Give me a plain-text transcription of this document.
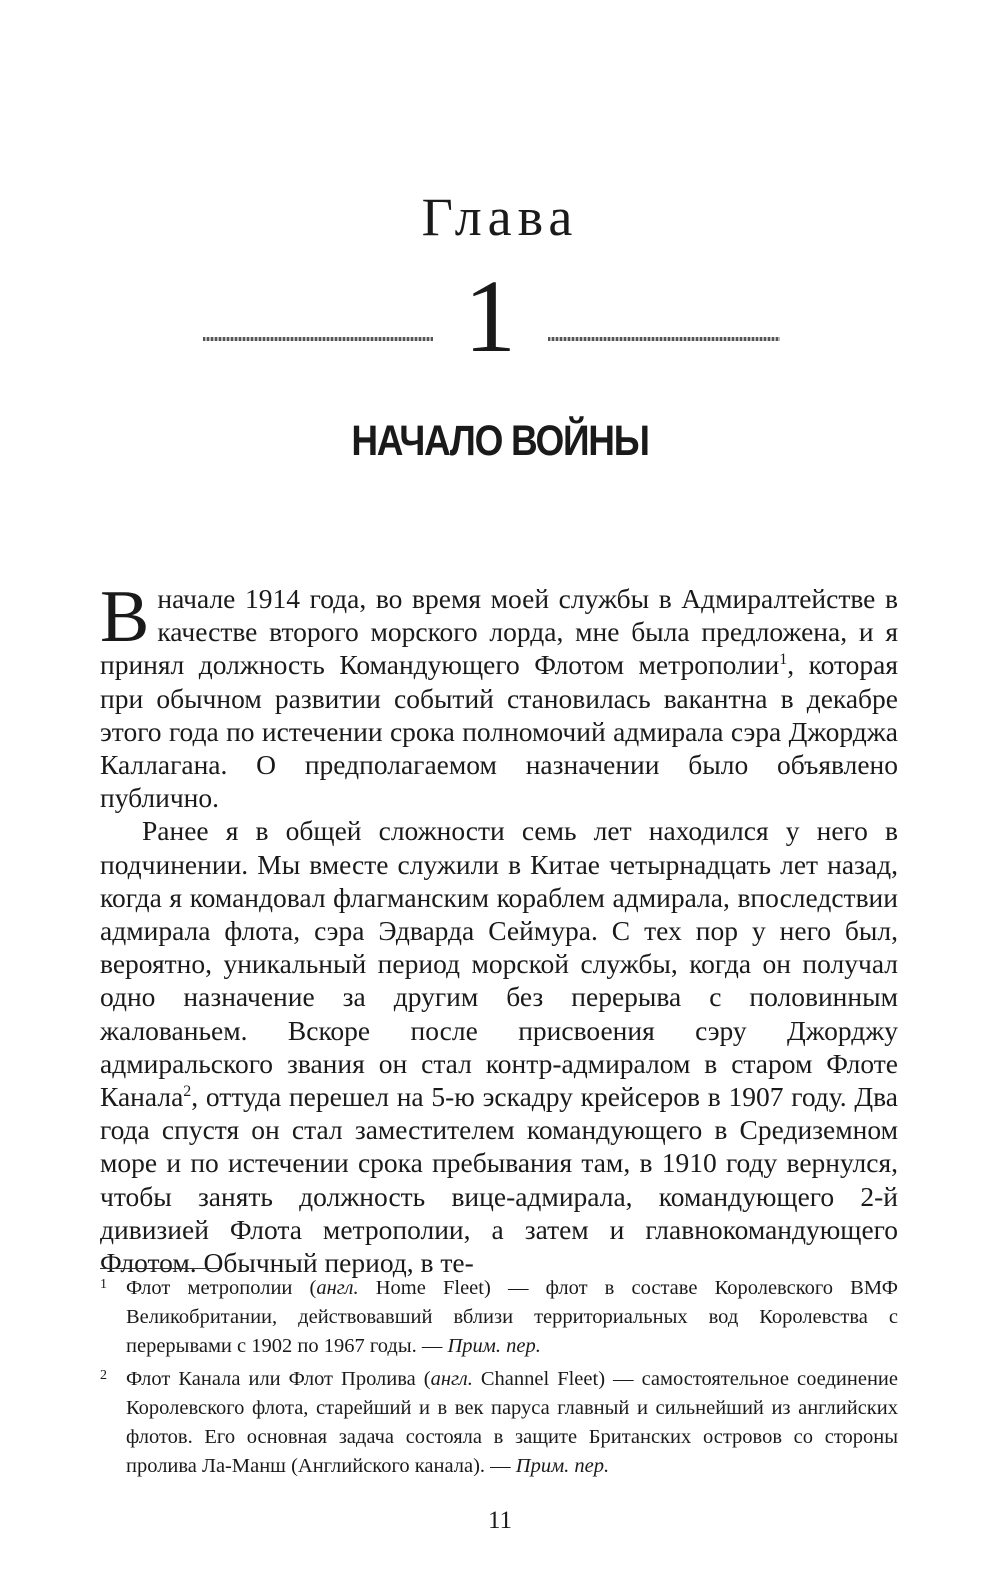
Глава
1
НАЧАЛО ВОЙНЫ

В начале 1914 года, во время моей службы в Адмиралтействе в качестве второго морского лорда, мне была предложена, и я принял должность Командующего Флотом метрополии$^1$, которая при обычном развитии событий становилась вакантна в декабре этого года по истечении срока полномочий адмирала сэра Джорджа Каллагана. О предполагаемом назначении было объявлено публично.

Ранее я в общей сложности семь лет находился у него в подчинении. Мы вместе служили в Китае четырнадцать лет назад, когда я командовал флагманским кораблем адмирала, впоследствии адмирала флота, сэра Эдварда Сеймура. С тех пор у него был, вероятно, уникальный период морской службы, когда он получал одно назначение за другим без перерыва с половинным жалованьем. Вскоре после присвоения сэру Джорджу адмиральского звания он стал контр-адмиралом в старом Флоте Канала$^2$, оттуда перешел на 5-ю эскадру крейсеров в 1907 году. Два года спустя он стал заместителем командующего в Средиземном море и по истечении срока пребывания там, в 1910 году вернулся, чтобы занять должность вице-адмирала, командующего 2-й дивизией Флота метрополии, а затем и главнокомандующего Флотом. Обычный период, в те-

1 Флот метрополии (англ. Home Fleet) — флот в составе Королевского ВМФ Великобритании, действовавший вблизи территориальных вод Королевства с перерывами с 1902 по 1967 годы. — Прим. пер.
2 Флот Канала или Флот Пролива (англ. Channel Fleet) — самостоятельное соединение Королевского флота, старейший и в век паруса главный и сильнейший из английских флотов. Его основная задача состояла в защите Британских островов со стороны пролива Ла-Манш (Английского канала). — Прим. пер.
11
